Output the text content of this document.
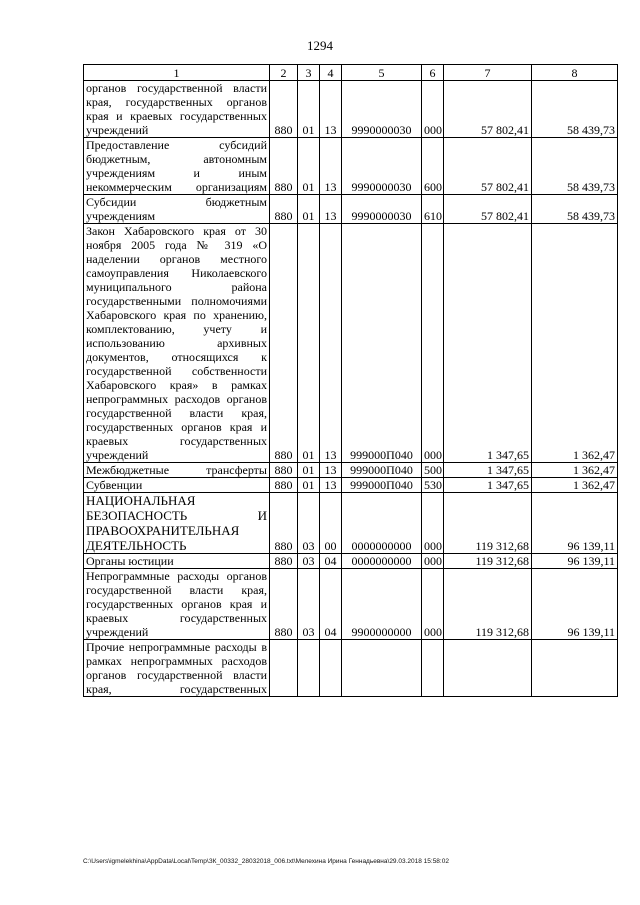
1294
1	2	3	4	5	6	7	8
органов государственной власти края, государственных органов края и краевых государственных учреждений	880	01	13	9990000030	000	57 802,41	58 439,73
Предоставление субсидий бюджетным, автономным учреждениям и иным некоммерческим организациям	880	01	13	9990000030	600	57 802,41	58 439,73
Субсидии бюджетным учреждениям	880	01	13	9990000030	610	57 802,41	58 439,73
Закон Хабаровского края от 30 ноября 2005 года № 319 «О наделении органов местного самоуправления Николаевского муниципального района государственными полномочиями Хабаровского края по хранению, комплектованию, учету и использованию архивных документов, относящихся к государственной собственности Хабаровского края» в рамках непрограммных расходов органов государственной власти края, государственных органов края и краевых государственных учреждений	880	01	13	999000П040	000	1 347,65	1 362,47
Межбюджетные трансферты	880	01	13	999000П040	500	1 347,65	1 362,47
Субвенции	880	01	13	999000П040	530	1 347,65	1 362,47
НАЦИОНАЛЬНАЯ БЕЗОПАСНОСТЬ И ПРАВООХРАНИТЕЛЬНАЯ ДЕЯТЕЛЬНОСТЬ	880	03	00	0000000000	000	119 312,68	96 139,11
Органы юстиции	880	03	04	0000000000	000	119 312,68	96 139,11
Непрограммные расходы органов государственной власти края, государственных органов края и краевых государственных учреждений	880	03	04	9900000000	000	119 312,68	96 139,11
Прочие непрограммные расходы в рамках непрограммных расходов органов государственной власти края, государственных							
C:\Users\igmelekhina\AppData\Local\Temp\ЗК_00332_28032018_006.txt\Мелехина Ирина Геннадьевна\29.03.2018 15:58:02
